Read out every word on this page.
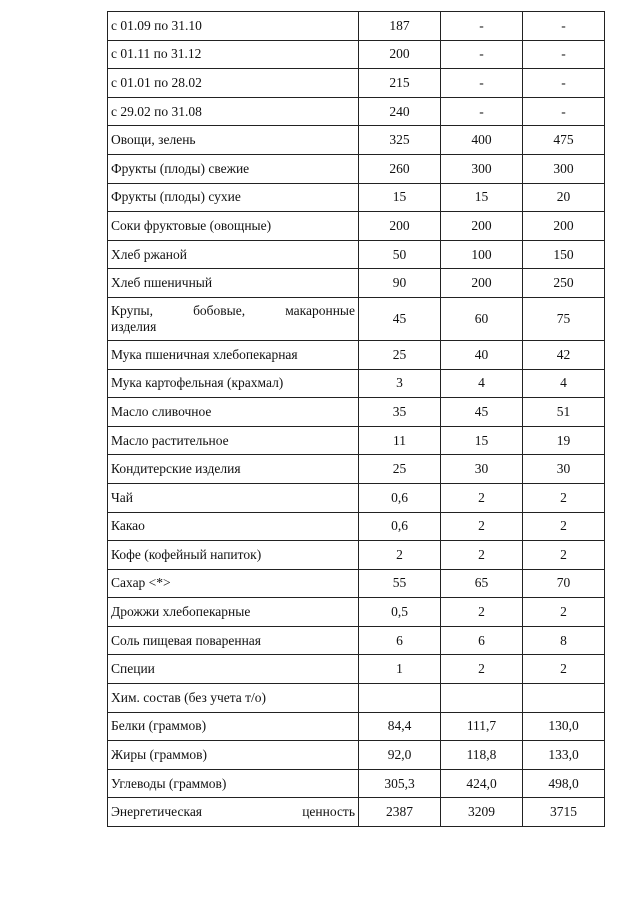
с 01.09 по 31.10	187	-	-
с 01.11 по 31.12	200	-	-
с 01.01 по 28.02	215	-	-
с 29.02 по 31.08	240	-	-
Овощи, зелень	325	400	475
Фрукты (плоды) свежие	260	300	300
Фрукты (плоды) сухие	15	15	20
Соки фруктовые (овощные)	200	200	200
Хлеб ржаной	50	100	150
Хлеб пшеничный	90	200	250

Крупы, бобовые, макаронные
изделия	45	60	75
Мука пшеничная хлебопекарная	25	40	42
Мука картофельная (крахмал)	3	4	4
Масло сливочное	35	45	51
Масло растительное	11	15	19
Кондитерские изделия	25	30	30
Чай	0,6	2	2
Какао	0,6	2	2
Кофе (кофейный напиток)	2	2	2
Сахар <*>	55	65	70
Дрожжи хлебопекарные	0,5	2	2
Соль пищевая поваренная	6	6	8
Специи	1	2	2
Хим. состав (без учета т/о)			
Белки (граммов)	84,4	111,7	130,0
Жиры (граммов)	92,0	118,8	133,0
Углеводы (граммов)	305,3	424,0	498,0

Энергетическая ценность	2387	3209	3715
